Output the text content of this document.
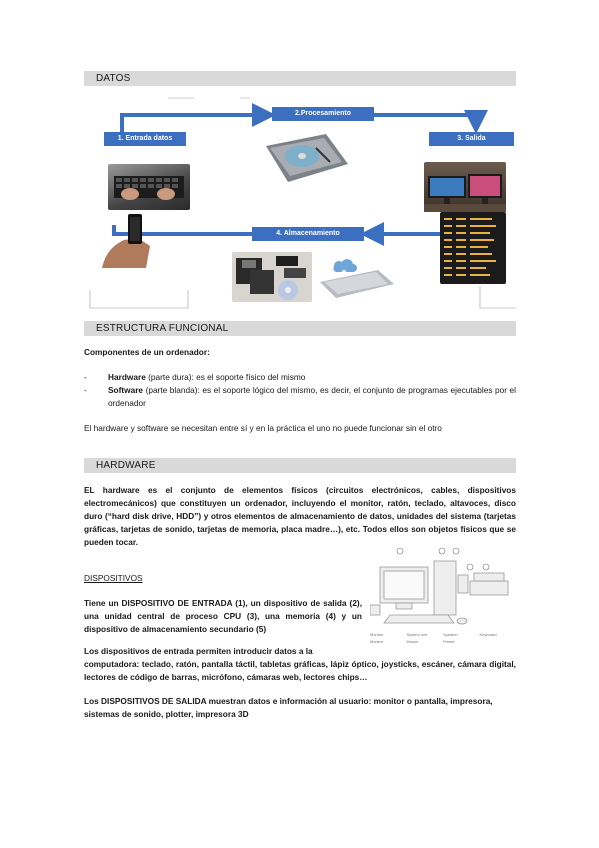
DATOS
1. Entrada datos
2.Procesamiento
3. Salida
4. Almacenamiento
ESTRUCTURA FUNCIONAL
Componentes de un ordenador:
-	Hardware (parte dura): es el soporte físico del mismo
-	Software (parte blanda): es el soporte lógico del mismo, es decir, el conjunto de programas ejecutables por el ordenador
El hardware y software se necesitan entre sí y en la práctica el uno no puede funcionar sin el otro
HARDWARE
EL hardware es el conjunto de elementos físicos (circuitos electrónicos, cables, dispositivos electromecánicos) que constituyen un ordenador, incluyendo el monitor, ratón, teclado, altavoces, disco duro (“hard disk drive, HDD”) y otros elementos de almacenamiento de datos, unidades del sistema (tarjetas gráficas, tarjetas de sonido, tarjetas de memoria, placa madre…), etc. Todos ellos son objetos físicos que se pueden tocar.
DISPOSITIVOS
Tiene un DISPOSITIVO DE ENTRADA (1), un dispositivo de salida (2), una unidad central de proceso CPU (3), una memoria (4) y un dispositivo de almacenamiento secundario (5)
Monitor	System unit	Speaker	Keyboard
Modem	Mouse	Printer
Los dispositivos de entrada permiten introducir datos a la
computadora: teclado, ratón, pantalla táctil, tabletas gráficas, lápiz óptico, joysticks, escáner, cámara digital, lectores de código de barras, micrófono, cámaras web, lectores chips…
Los DISPOSITIVOS DE SALIDA muestran datos e información al usuario: monitor o pantalla, impresora, sistemas de sonido, plotter, impresora 3D
